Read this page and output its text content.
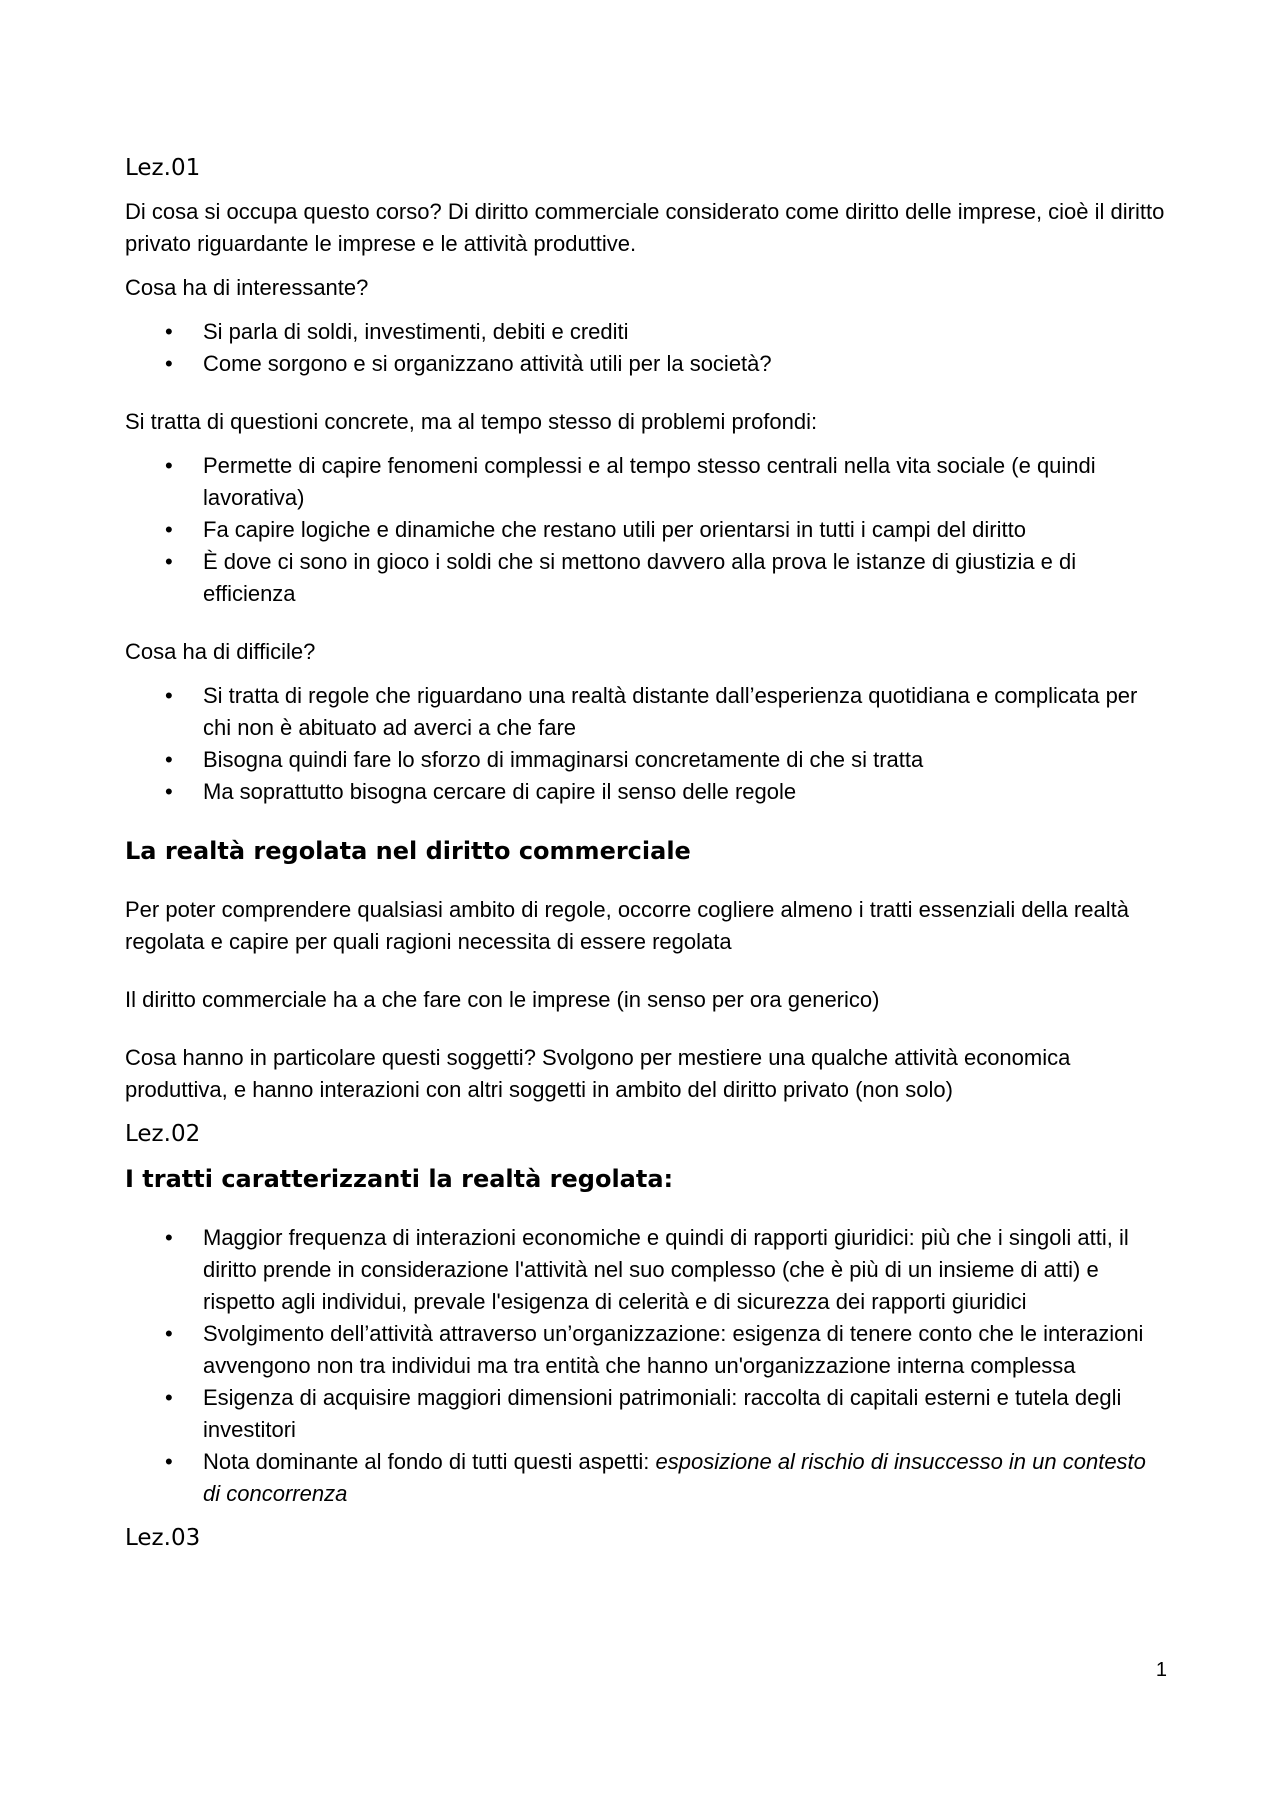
Lez.01

Di cosa si occupa questo corso? Di diritto commerciale considerato come diritto delle imprese, cioè il diritto privato riguardante le imprese e le attività produttive.

Cosa ha di interessante?

• Si parla di soldi, investimenti, debiti e crediti
• Come sorgono e si organizzano attività utili per la società?

Si tratta di questioni concrete, ma al tempo stesso di problemi profondi:

• Permette di capire fenomeni complessi e al tempo stesso centrali nella vita sociale (e quindi lavorativa)
• Fa capire logiche e dinamiche che restano utili per orientarsi in tutti i campi del diritto
• È dove ci sono in gioco i soldi che si mettono davvero alla prova le istanze di giustizia e di efficienza

Cosa ha di difficile?

• Si tratta di regole che riguardano una realtà distante dall’esperienza quotidiana e complicata per chi non è abituato ad averci a che fare
• Bisogna quindi fare lo sforzo di immaginarsi concretamente di che si tratta
• Ma soprattutto bisogna cercare di capire il senso delle regole

La realtà regolata nel diritto commerciale

Per poter comprendere qualsiasi ambito di regole, occorre cogliere almeno i tratti essenziali della realtà regolata e capire per quali ragioni necessita di essere regolata

Il diritto commerciale ha a che fare con le imprese (in senso per ora generico)

Cosa hanno in particolare questi soggetti? Svolgono per mestiere una qualche attività economica produttiva, e hanno interazioni con altri soggetti in ambito del diritto privato (non solo)

Lez.02

I tratti caratterizzanti la realtà regolata:

• Maggior frequenza di interazioni economiche e quindi di rapporti giuridici: più che i singoli atti, il diritto prende in considerazione l'attività nel suo complesso (che è più di un insieme di atti) e rispetto agli individui, prevale l'esigenza di celerità e di sicurezza dei rapporti giuridici
• Svolgimento dell’attività attraverso un’organizzazione: esigenza di tenere conto che le interazioni avvengono non tra individui ma tra entità che hanno un'organizzazione interna complessa
• Esigenza di acquisire maggiori dimensioni patrimoniali: raccolta di capitali esterni e tutela degli investitori
• Nota dominante al fondo di tutti questi aspetti: esposizione al rischio di insuccesso in un contesto di concorrenza

Lez.03

1
